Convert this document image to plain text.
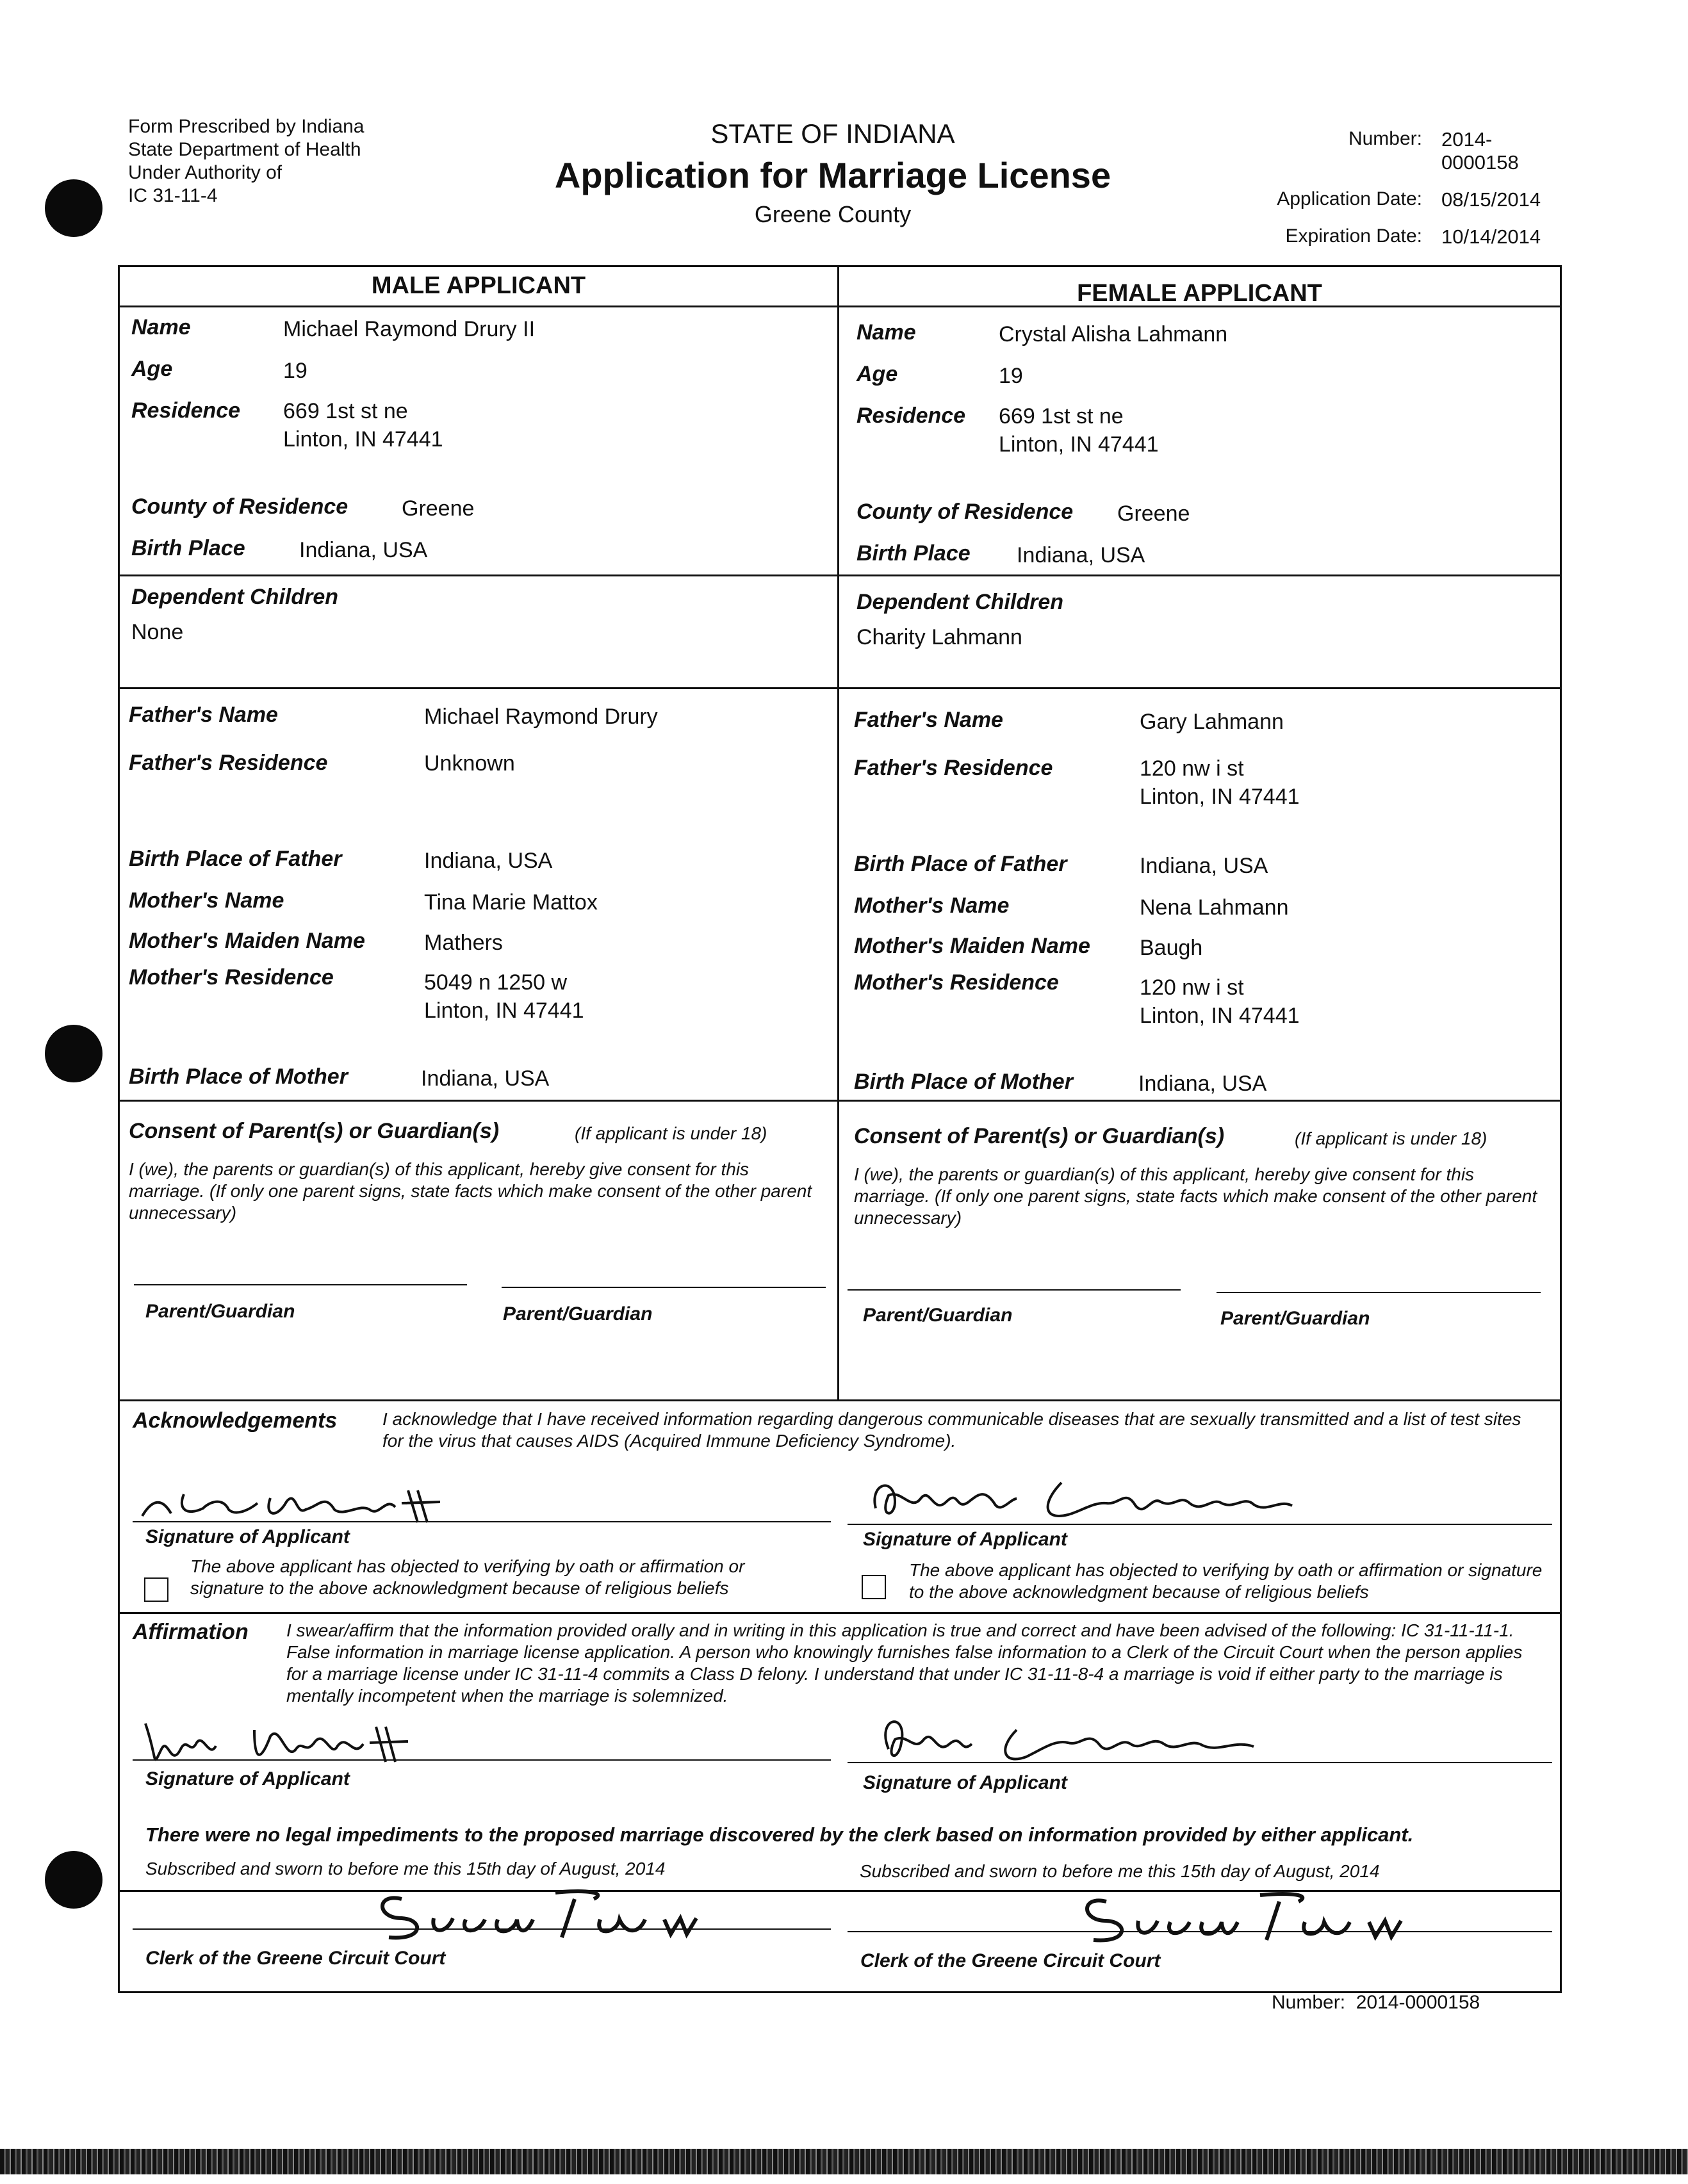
Form Prescribed by Indiana
State Department of Health
Under Authority of
IC 31-11-4
STATE OF INDIANA
Application for Marriage License
Greene County
Number: 2014-0000158
Application Date: 08/15/2014
Expiration Date: 10/14/2014
MALE APPLICANT	FEMALE APPLICANT
Name	Michael Raymond Drury II
Age	19
Residence 669 1st st ne
Linton, IN 47441
County of Residence Greene
Birth Place Indiana, USA
Name	Crystal Alisha Lahmann
Age	19
Residence 669 1st st ne
Linton, IN 47441
County of Residence Greene
Birth Place Indiana, USA
Dependent Children
None
Dependent Children
Charity Lahmann
Father's Name	Michael Raymond Drury
Father's Residence	Unknown
Birth Place of Father	Indiana, USA
Mother's Name	Tina Marie Mattox
Mother's Maiden Name	Mathers
Mother's Residence	5049 n 1250 w
Linton, IN 47441
Birth Place of Mother	Indiana, USA
Father's Name	Gary Lahmann
Father's Residence	120 nw i st
Linton, IN 47441
Birth Place of Father	Indiana, USA
Mother's Name	Nena Lahmann
Mother's Maiden Name Baugh
Mother's Residence	120 nw i st
Linton, IN 47441
Birth Place of Mother	Indiana, USA
Consent of Parent(s) or Guardian(s)	(If applicant is under 18)
I (we), the parents or guardian(s) of this applicant, hereby give consent for this marriage. (If only one parent signs, state facts which make consent of the other parent unnecessary)
Parent/Guardian	Parent/Guardian
Consent of Parent(s) or Guardian(s)	(If applicant is under 18)
I (we), the parents or guardian(s) of this applicant, hereby give consent for this marriage. (If only one parent signs, state facts which make consent of the other parent unnecessary)
Parent/Guardian	Parent/Guardian
Acknowledgements	I acknowledge that I have received information regarding dangerous communicable diseases that are sexually transmitted and a list of test sites for the virus that causes AIDS (Acquired Immune Deficiency Syndrome).
Signature of Applicant	Signature of Applicant
The above applicant has objected to verifying by oath or affirmation or signature to the above acknowledgment because of religious beliefs
The above applicant has objected to verifying by oath or affirmation or signature to the above acknowledgment because of religious beliefs
Affirmation I swear/affirm that the information provided orally and in writing in this application is true and correct and have been advised of the following: IC 31-11-11-1. False information in marriage license application. A person who knowingly furnishes false information to a Clerk of the Circuit Court when the person applies for a marriage license under IC 31-11-4 commits a Class D felony. I understand that under IC 31-11-8-4 a marriage is void if either party to the marriage is mentally incompetent when the marriage is solemnized.
Signature of Applicant	Signature of Applicant
There were no legal impediments to the proposed marriage discovered by the clerk based on information provided by either applicant.
Subscribed and sworn to before me this 15th day of August, 2014	Subscribed and sworn to before me this 15th day of August, 2014
Clerk of the Greene Circuit Court	Clerk of the Greene Circuit Court
Number: 2014-0000158
